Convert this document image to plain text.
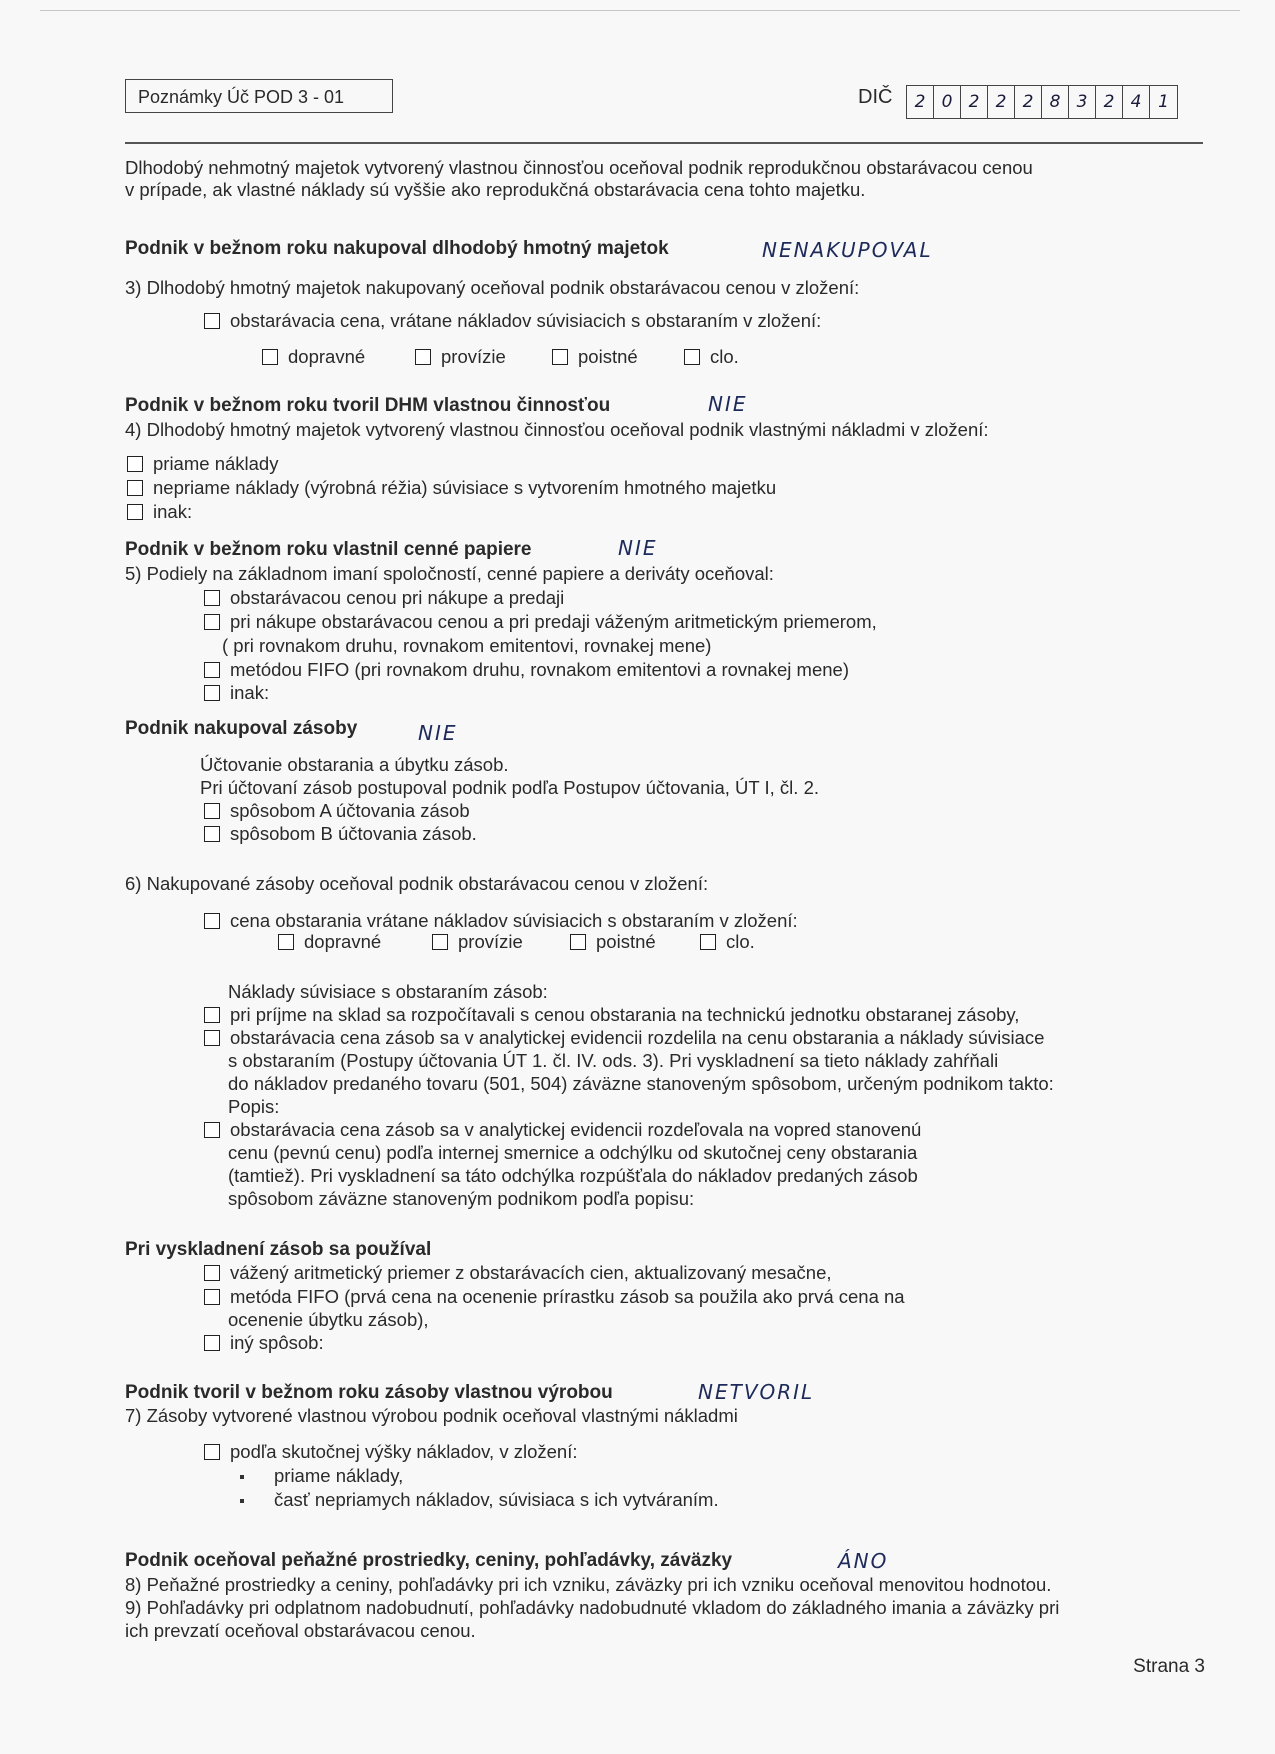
Poznámky Úč POD 3 - 01	DIČ	2 0 2 2 2 8 3 2 4 1
Dlhodobý nehmotný majetok vytvorený vlastnou činnosťou oceňoval podnik reprodukčnou obstarávacou cenou
v prípade, ak vlastné náklady sú vyššie ako reprodukčná obstarávacia cena tohto majetku.
Podnik v bežnom roku nakupoval dlhodobý hmotný majetok	NENAKUPOVAL
3) Dlhodobý hmotný majetok nakupovaný oceňoval podnik obstarávacou cenou v zložení:
obstarávacia cena, vrátane nákladov súvisiacich s obstaraním v zložení:
dopravné	provízie	poistné	clo.
Podnik v bežnom roku tvoril DHM vlastnou činnosťou	NIE
4) Dlhodobý hmotný majetok vytvorený vlastnou činnosťou oceňoval podnik vlastnými nákladmi v zložení:
priame náklady
nepriame náklady (výrobná réžia) súvisiace s vytvorením hmotného majetku
inak:
Podnik v bežnom roku vlastnil cenné papiere	NIE
5) Podiely na základnom imaní spoločností, cenné papiere a deriváty oceňoval:
obstarávacou cenou pri nákupe a predaji
pri nákupe obstarávacou cenou a pri predaji váženým aritmetickým priemerom,
( pri rovnakom druhu, rovnakom emitentovi, rovnakej mene)
metódou FIFO (pri rovnakom druhu, rovnakom emitentovi a rovnakej mene)
inak:
Podnik nakupoval zásoby	NIE
Účtovanie obstarania a úbytku zásob.
Pri účtovaní zásob postupoval podnik podľa Postupov účtovania, ÚT I, čl. 2.
spôsobom A účtovania zásob
spôsobom B účtovania zásob.
6) Nakupované zásoby oceňoval podnik obstarávacou cenou v zložení:
cena obstarania vrátane nákladov súvisiacich s obstaraním v zložení:
dopravné	provízie	poistné	clo.
Náklady súvisiace s obstaraním zásob:
pri príjme na sklad sa rozpočítavali s cenou obstarania na technickú jednotku obstaranej zásoby,
obstarávacia cena zásob sa v analytickej evidencii rozdelila na cenu obstarania a náklady súvisiace
s obstaraním (Postupy účtovania ÚT 1. čl. IV. ods. 3). Pri vyskladnení sa tieto náklady zahŕňali
do nákladov predaného tovaru (501, 504) záväzne stanoveným spôsobom, určeným podnikom takto:
Popis:
obstarávacia cena zásob sa v analytickej evidencii rozdeľovala na vopred stanovenú
cenu (pevnú cenu) podľa internej smernice a odchýlku od skutočnej ceny obstarania
(tamtiež). Pri vyskladnení sa táto odchýlka rozpúšťala do nákladov predaných zásob
spôsobom záväzne stanoveným podnikom podľa popisu:
Pri vyskladnení zásob sa používal
vážený aritmetický priemer z obstarávacích cien, aktualizovaný mesačne,
metóda FIFO (prvá cena na ocenenie prírastku zásob sa použila ako prvá cena na
ocenenie úbytku zásob),
iný spôsob:
Podnik tvoril v bežnom roku zásoby vlastnou výrobou	NETVORIL
7) Zásoby vytvorené vlastnou výrobou podnik oceňoval vlastnými nákladmi
podľa skutočnej výšky nákladov, v zložení:
priame náklady,
časť nepriamych nákladov, súvisiaca s ich vytváraním.
Podnik oceňoval peňažné prostriedky, ceniny, pohľadávky, záväzky	ÁNO
8) Peňažné prostriedky a ceniny, pohľadávky pri ich vzniku, záväzky pri ich vzniku oceňoval menovitou hodnotou.
9) Pohľadávky pri odplatnom nadobudnutí, pohľadávky nadobudnuté vkladom do základného imania a záväzky pri
ich prevzatí oceňoval obstarávacou cenou.
Strana 3
